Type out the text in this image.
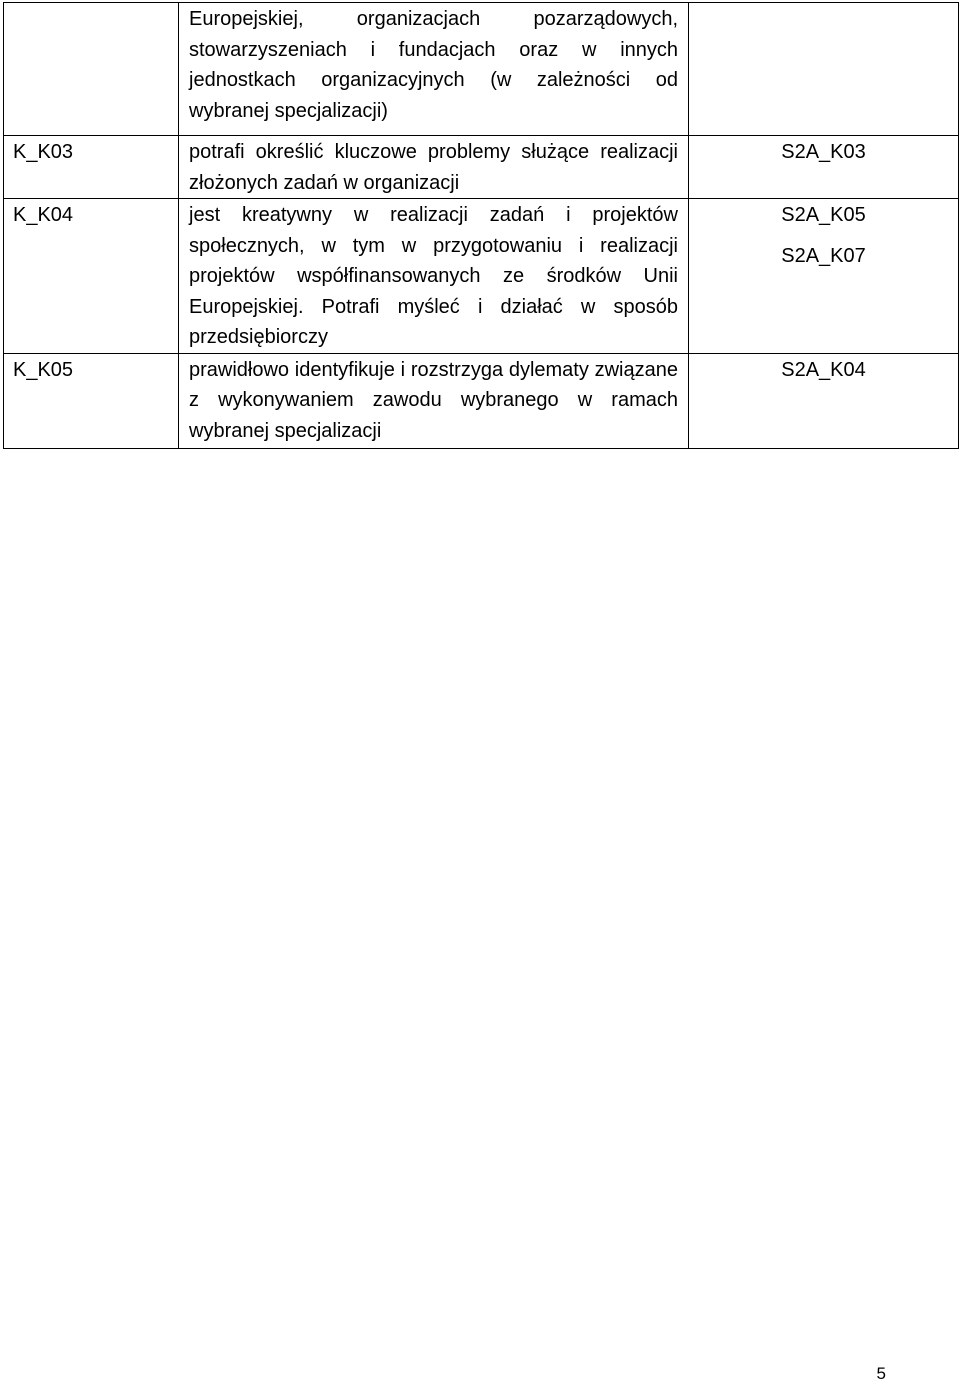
	Europejskiej, organizacjach pozarządowych, stowarzyszeniach i fundacjach oraz w innych jednostkach organizacyjnych (w zależności od wybranej specjalizacji)	
K_K03	potrafi określić kluczowe problemy służące realizacji złożonych zadań w organizacji	S2A_K03

K_K04	jest kreatywny w realizacji zadań i projektów społecznych, w tym w przygotowaniu i realizacji projektów współfinansowanych ze środków Unii Europejskiej. Potrafi myśleć i działać w sposób przedsiębiorczy	S2A_K05
S2A_K07

K_K05	prawidłowo identyfikuje i rozstrzyga dylematy związane z wykonywaniem zawodu wybranego w ramach wybranej specjalizacji	S2A_K04
5
